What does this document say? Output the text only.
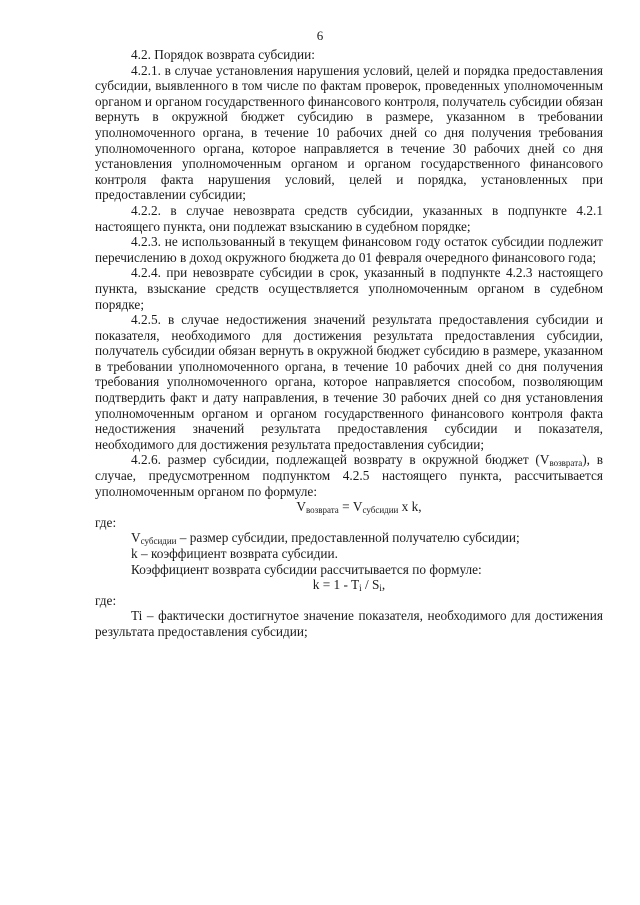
6

4.2. Порядок возврата субсидии:

4.2.1. в случае установления нарушения условий, целей и порядка предоставления субсидии, выявленного в том числе по фактам проверок, проведенных уполномоченным органом и органом государственного финансового контроля, получатель субсидии обязан вернуть в окружной бюджет субсидию в размере, указанном в требовании уполномоченного органа, в течение 10 рабочих дней со дня получения требования уполномоченного органа, которое направляется в течение 30 рабочих дней со дня установления уполномоченным органом и органом государственного финансового контроля факта нарушения условий, целей и порядка, установленных при предоставлении субсидии;

4.2.2. в случае невозврата средств субсидии, указанных в подпункте 4.2.1 настоящего пункта, они подлежат взысканию в судебном порядке;

4.2.3. не использованный в текущем финансовом году остаток субсидии подлежит перечислению в доход окружного бюджета до 01 февраля очередного финансового года;

4.2.4. при невозврате субсидии в срок, указанный в подпункте 4.2.3 настоящего пункта, взыскание средств осуществляется уполномоченным органом в судебном порядке;

4.2.5. в случае недостижения значений результата предоставления субсидии и показателя, необходимого для достижения результата предоставления субсидии, получатель субсидии обязан вернуть в окружной бюджет субсидию в размере, указанном в требовании уполномоченного органа, в течение 10 рабочих дней со дня получения требования уполномоченного органа, которое направляется способом, позволяющим подтвердить факт и дату направления, в течение 30 рабочих дней со дня установления уполномоченным органом и органом государственного финансового контроля факта недостижения значений результата предоставления субсидии и показателя, необходимого для достижения результата предоставления субсидии;

4.2.6. размер субсидии, подлежащей возврату в окружной бюджет $(V_{возврата})$, в случае, предусмотренном подпунктом 4.2.5 настоящего пункта, рассчитывается уполномоченным органом по формуле:

$V_{возврата} = V_{субсидии}$ x k,

где:

$V_{субсидии}$ – размер субсидии, предоставленной получателю субсидии;

k – коэффициент возврата субсидии.

Коэффициент возврата субсидии рассчитывается по формуле:

$k = 1 - T_i / S_i$,

где:

Ti – фактически достигнутое значение показателя, необходимого для достижения результата предоставления субсидии;
